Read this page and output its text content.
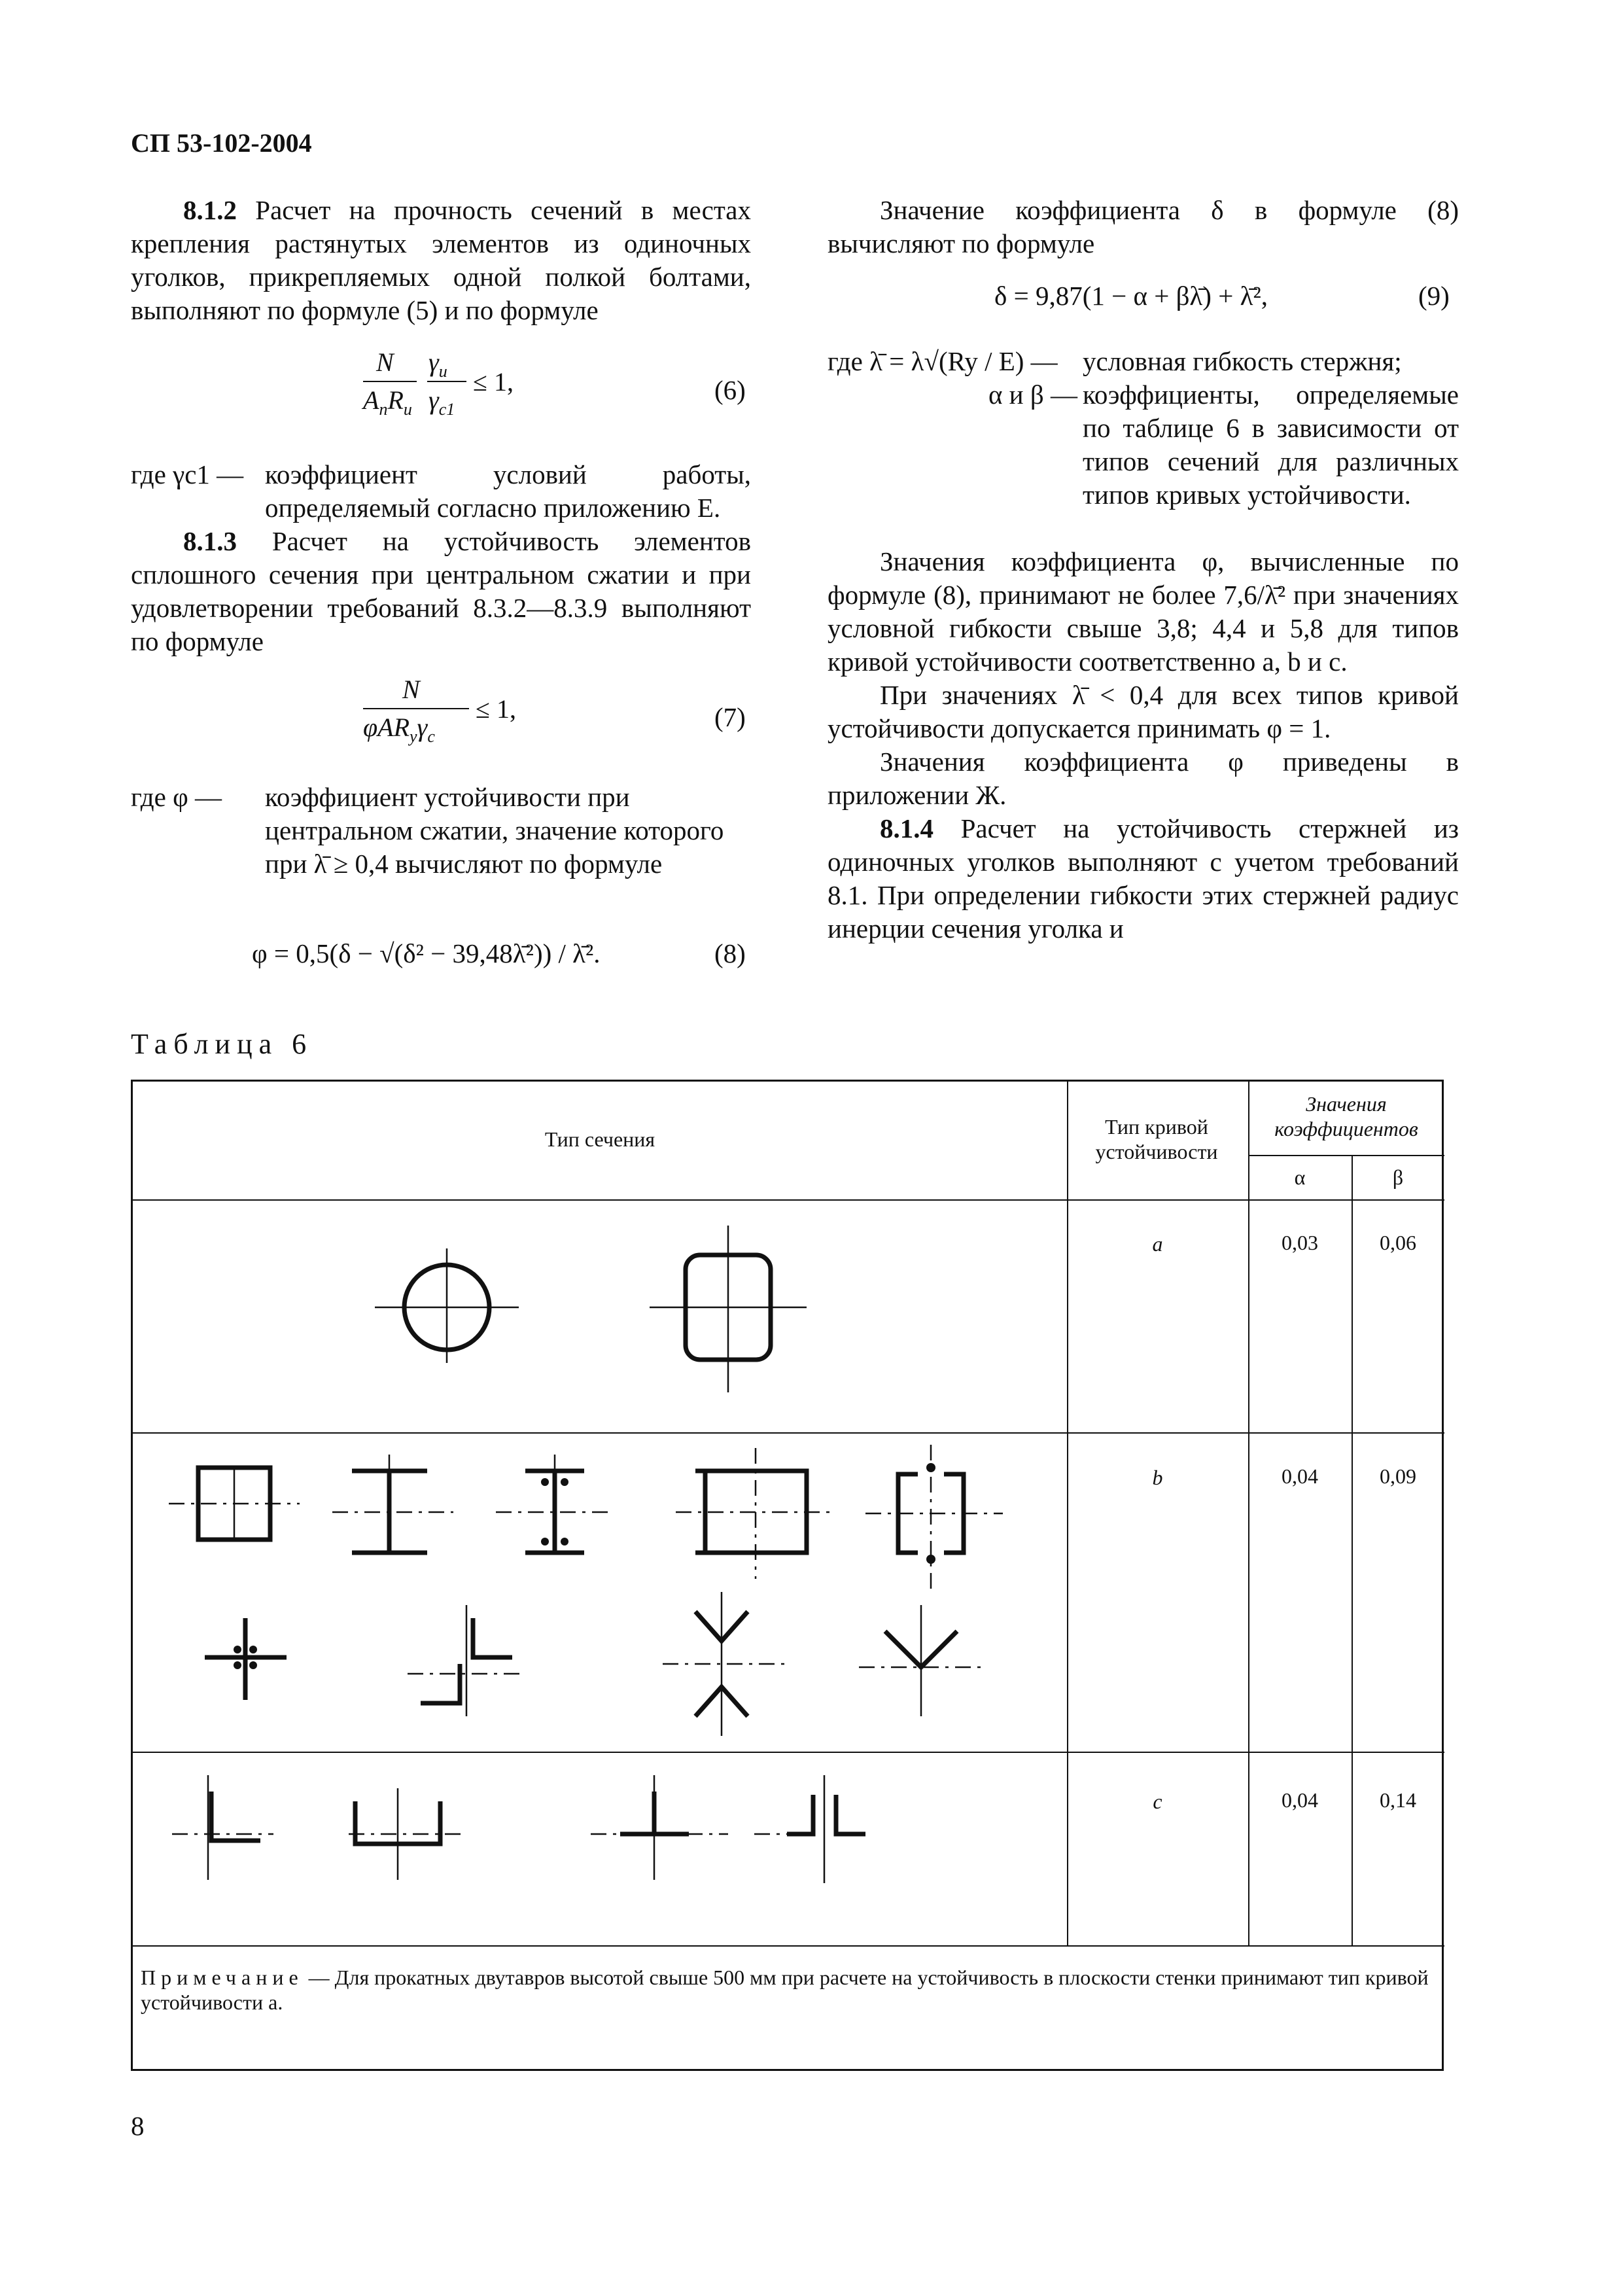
СП 53-102-2004

8.1.2 Расчет на прочность сечений в местах крепления растянутых элементов из одиночных уголков, прикрепляемых одной полкой болтами, выполняют по формуле (5) и по формуле

N
$A_nR_u$
$\gamma_u$
$\gamma_{c1}$
≤ 1,	(6)
где γc1 — коэффициент условий работы, определяемый согласно приложению Е.

8.1.3 Расчет на устойчивость элементов сплошного сечения при центральном сжатии и при удовлетворении требований 8.3.2—8.3.9 выполняют по формуле

N
$\varphi AR_y\gamma_c$
≤ 1,	(7)
где φ —	коэффициент устойчивости при центральном сжатии, значение которого при λ̄ ≥ 0,4 вычисляют по формуле
φ = 0,5(δ − √(δ² − 39,48λ̄²)) / λ̄².	(8)

Значение коэффициента δ в формуле (8) вычисляют по формуле

δ = 9,87(1 − α + βλ̄) + λ̄²,	(9)
где λ̄ = λ√(Ry / E) — условная гибкость стержня;
α и β — коэффициенты, определяемые по таблице 6 в зависимости от типов сечений для различных типов кривых устойчивости.

Значения коэффициента φ, вычисленные по формуле (8), принимают не более 7,6/λ̄² при значениях условной гибкости свыше 3,8; 4,4 и 5,8 для типов кривой устойчивости соответственно a, b и c.

При значениях λ̄ < 0,4 для всех типов кривой устойчивости допускается принимать φ = 1.

Значения коэффициента φ приведены в приложении Ж.

8.1.4 Расчет на устойчивость стержней из одиночных уголков выполняют с учетом требований 8.1. При определении гибкости этих стержней радиус инерции сечения уголка и

Таблица 6
Тип сечения
Тип кривой устойчивости
Значения коэффициентов
α	β
a	0,03	0,06
b	0,04	0,09
c	0,04	0,14
Примечание — Для прокатных двутавров высотой свыше 500 мм при расчете на устойчивость в плоскости стенки принимают тип кривой устойчивости a.
8
